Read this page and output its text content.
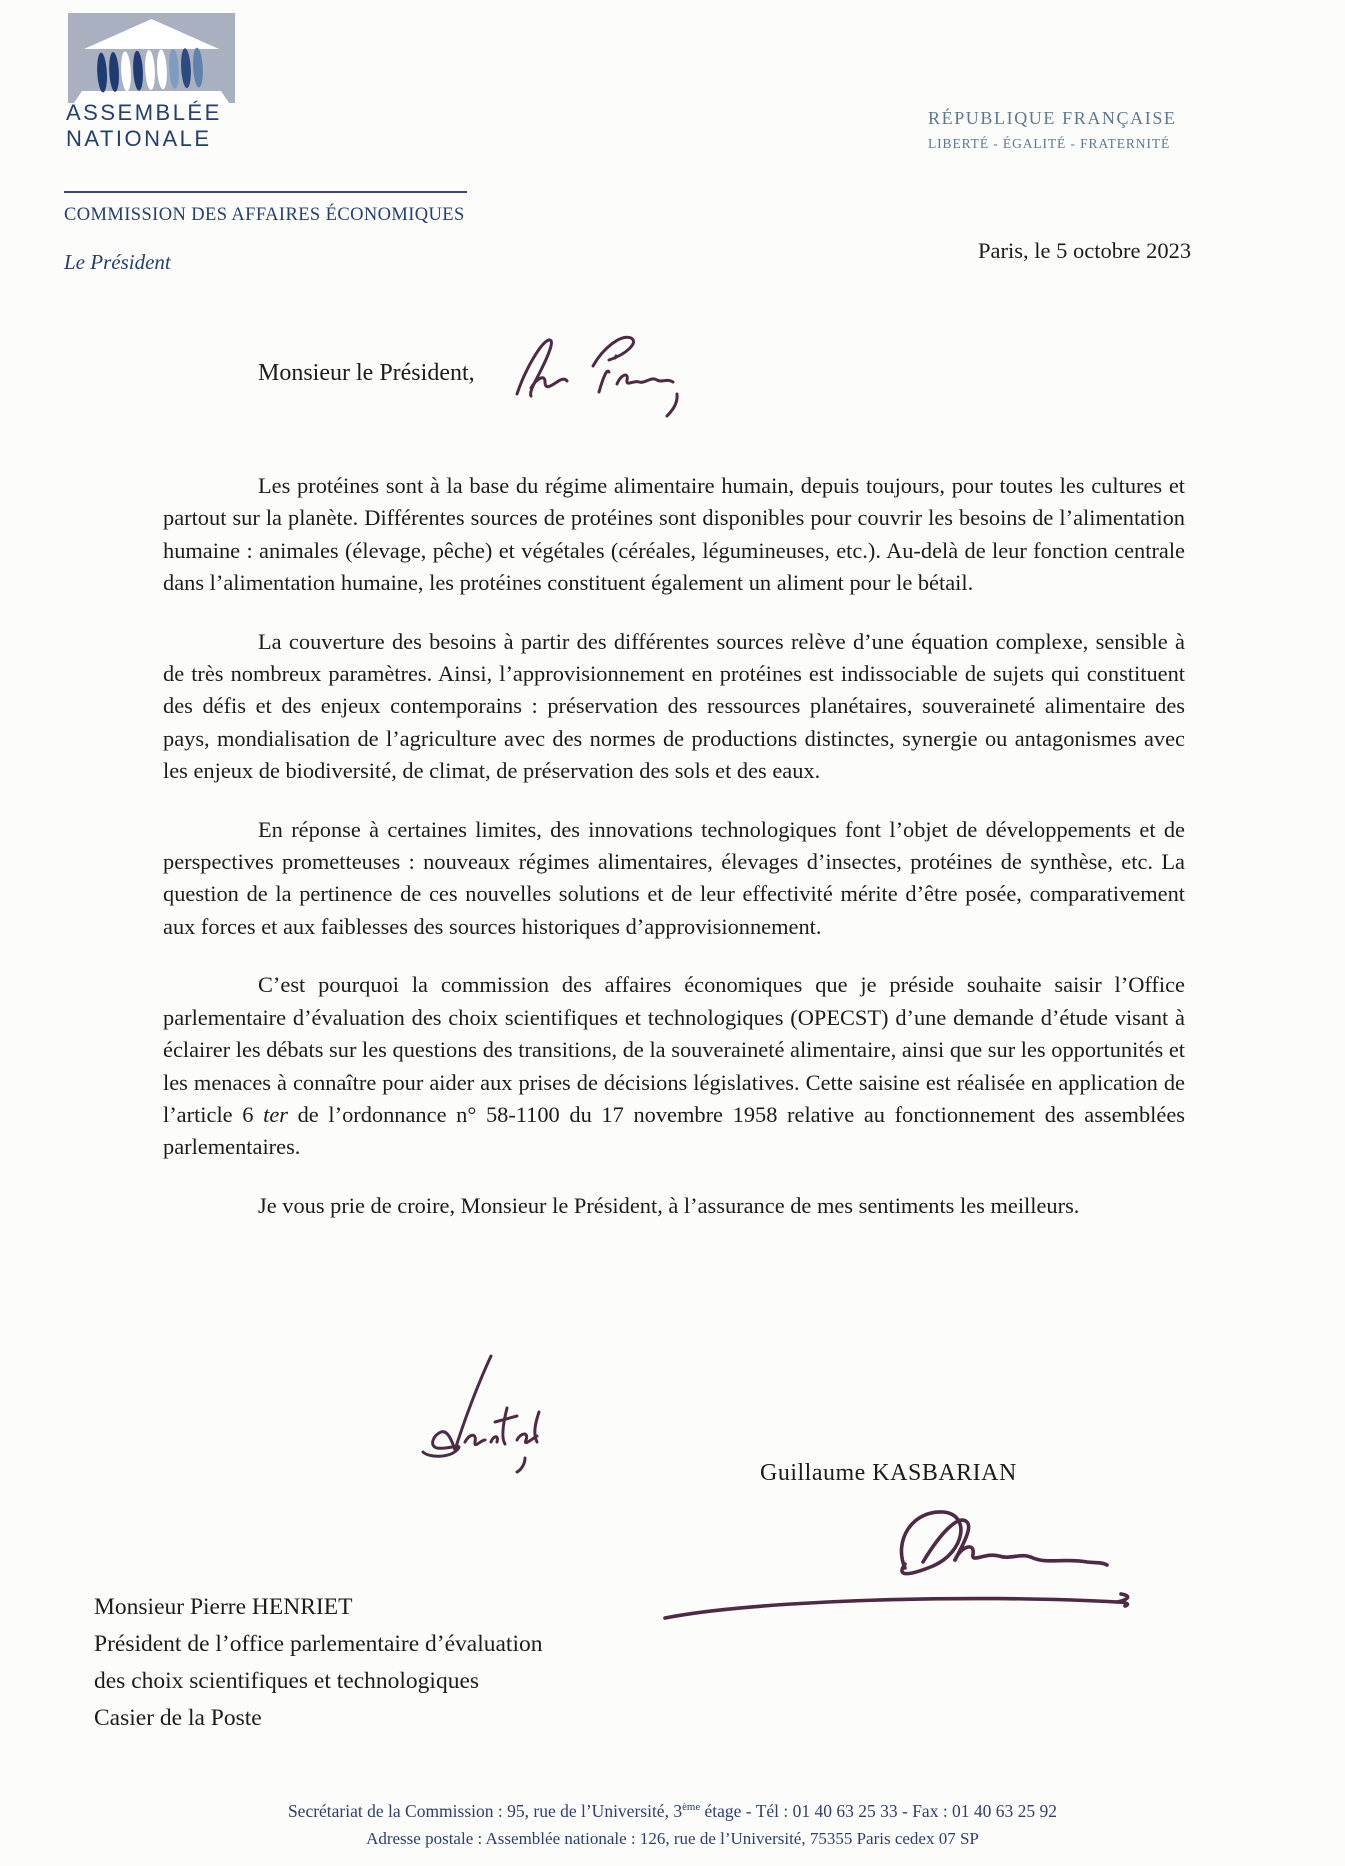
ASSEMBLÉE
NATIONALE
RÉPUBLIQUE FRANÇAISE
LIBERTÉ - ÉGALITÉ - FRATERNITÉ
COMMISSION DES AFFAIRES ÉCONOMIQUES
Le Président	Paris, le 5 octobre 2023
Monsieur le Président,

Les protéines sont à la base du régime alimentaire humain, depuis toujours, pour toutes les cultures et partout sur la planète. Différentes sources de protéines sont disponibles pour couvrir les besoins de l’alimentation humaine : animales (élevage, pêche) et végétales (céréales, légumineuses, etc.). Au-delà de leur fonction centrale dans l’alimentation humaine, les protéines constituent également un aliment pour le bétail.

La couverture des besoins à partir des différentes sources relève d’une équation complexe, sensible à de très nombreux paramètres. Ainsi, l’approvisionnement en protéines est indissociable de sujets qui constituent des défis et des enjeux contemporains : préservation des ressources planétaires, souveraineté alimentaire des pays, mondialisation de l’agriculture avec des normes de productions distinctes, synergie ou antagonismes avec les enjeux de biodiversité, de climat, de préservation des sols et des eaux.

En réponse à certaines limites, des innovations technologiques font l’objet de développements et de perspectives prometteuses : nouveaux régimes alimentaires, élevages d’insectes, protéines de synthèse, etc. La question de la pertinence de ces nouvelles solutions et de leur effectivité mérite d’être posée, comparativement aux forces et aux faiblesses des sources historiques d’approvisionnement.

C’est pourquoi la commission des affaires économiques que je préside souhaite saisir l’Office parlementaire d’évaluation des choix scientifiques et technologiques (OPECST) d’une demande d’étude visant à éclairer les débats sur les questions des transitions, de la souveraineté alimentaire, ainsi que sur les opportunités et les menaces à connaître pour aider aux prises de décisions législatives. Cette saisine est réalisée en application de l’article 6 ter de l’ordonnance n° 58-1100 du 17 novembre 1958 relative au fonctionnement des assemblées parlementaires.

Je vous prie de croire, Monsieur le Président, à l’assurance de mes sentiments les meilleurs.

Guillaume KASBARIAN
Monsieur Pierre HENRIET
Président de l’office parlementaire d’évaluation
des choix scientifiques et technologiques
Casier de la Poste
Secrétariat de la Commission : 95, rue de l’Université, 3ème étage - Tél : 01 40 63 25 33 - Fax : 01 40 63 25 92
Adresse postale : Assemblée nationale : 126, rue de l’Université, 75355 Paris cedex 07 SP
